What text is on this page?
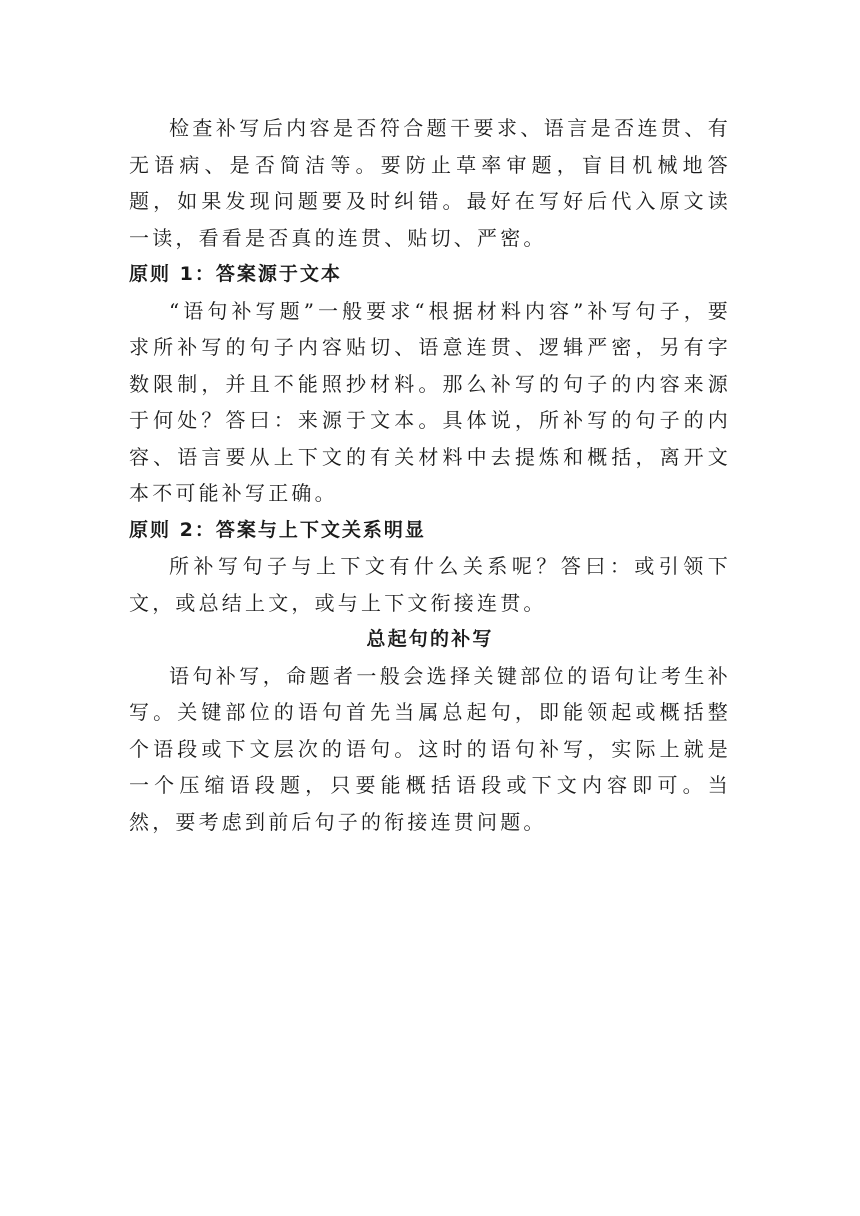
检查补写后内容是否符合题干要求、语言是否连贯、有无语病、是否简洁等。要防止草率审题，盲目机械地答题，如果发现问题要及时纠错。最好在写好后代入原文读一读，看看是否真的连贯、贴切、严密。

原则 1：答案源于文本

“语句补写题”一般要求“根据材料内容”补写句子，要求所补写的句子内容贴切、语意连贯、逻辑严密，另有字数限制，并且不能照抄材料。那么补写的句子的内容来源于何处？答曰：来源于文本。具体说，所补写的句子的内容、语言要从上下文的有关材料中去提炼和概括，离开文本不可能补写正确。

原则 2：答案与上下文关系明显

所补写句子与上下文有什么关系呢？答曰：或引领下文，或总结上文，或与上下文衔接连贯。

总起句的补写

语句补写，命题者一般会选择关键部位的语句让考生补写。关键部位的语句首先当属总起句，即能领起或概括整个语段或下文层次的语句。这时的语句补写，实际上就是一个压缩语段题，只要能概括语段或下文内容即可。当然，要考虑到前后句子的衔接连贯问题。
